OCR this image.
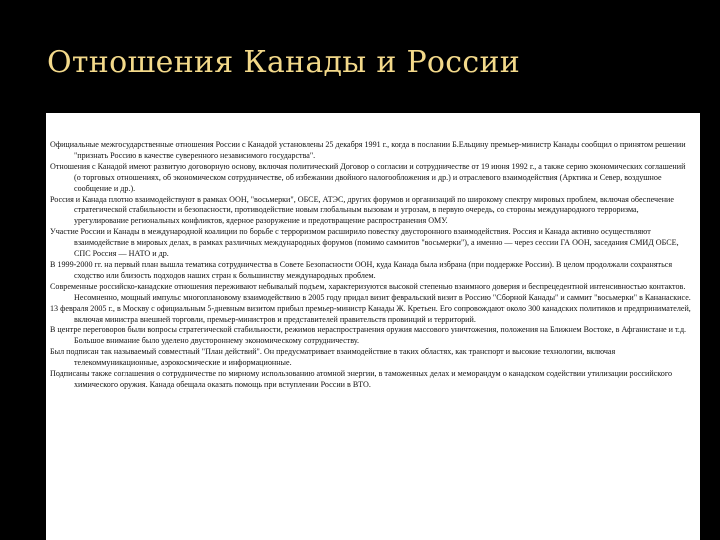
Отношения Канады и России
Официальные межгосударственные отношения России с Канадой установлены 25 декабря 1991 г., когда в послании Б.Ельцину премьер-министр Канады сообщил о принятом решении "признать Россию в качестве суверенного независимого государства".
Отношения с Канадой имеют развитую договорную основу, включая политический Договор о согласии и сотрудничестве от 19 июня 1992 г., а также серию экономических соглашений (о торговых отношениях, об экономическом сотрудничестве, об избежании двойного налогообложения и др.) и отраслевого взаимодействия (Арктика и Север, воздушное сообщение и др.).
Россия и Канада плотно взаимодействуют в рамках ООН, "восьмерки", ОБСЕ, АТЭС, других форумов и организаций по широкому спектру мировых проблем, включая обеспечение стратегической стабильности и безопасности, противодействие новым глобальным вызовам и угрозам, в первую очередь, со стороны международного терроризма, урегулирование региональных конфликтов, ядерное разоружение и предотвращение распространения ОМУ.
Участие России и Канады в международной коалиции по борьбе с терроризмом расширило повестку двусторонного взаимодействия. Россия и Канада активно осуществляют взаимодействие в мировых делах, в рамках различных международных форумов (помимо саммитов "восьмерки"), а именно — через сессии ГА ООН, заседания СМИД ОБСЕ, СПС Россия — НАТО и др.
В 1999-2000 гг. на первый план вышла тематика сотрудничества в Совете Безопасности ООН, куда Канада была избрана (при поддержке России). В целом продолжали сохраняться сходство или близость подходов наших стран к большинству международных проблем.
Современные российско-канадские отношения переживают небывалый подъем, характеризуются высокой степенью взаимного доверия и беспрецедентной интенсивностью контактов. Несомненно, мощный импульс многоплановому взаимодействию в 2005 году придал визит февральский визит в Россию "Сборной Канады" и саммит "восьмерки" в Кананаскисе.
13 февраля 2005 г., в Москву с официальным 5-дневным визитом прибыл премьер-министр Канады Ж. Кретьен. Его сопровождают около 300 канадских политиков и предпринимателей, включая министра внешней торговли, премьер-министров и представителей правительств провинций и территорий.
В центре переговоров были вопросы стратегической стабильности, режимов нераспространения оружия массового уничтожения, положения на Ближнем Востоке, в Афганистане и т.д. Большое внимание было уделено двустороннему экономическому сотрудничеству.
Был подписан так называемый совместный "План действий". Он предусматривает взаимодействие в таких областях, как транспорт и высокие технологии, включая телекоммуникационные, аэрокосмические и информационные.
Подписаны также соглашения о сотрудничестве по мирному использованию атомной энергии, в таможенных делах и меморандум о канадском содействии утилизации российского химического оружия. Канада обещала оказать помощь при вступлении России в ВТО.
